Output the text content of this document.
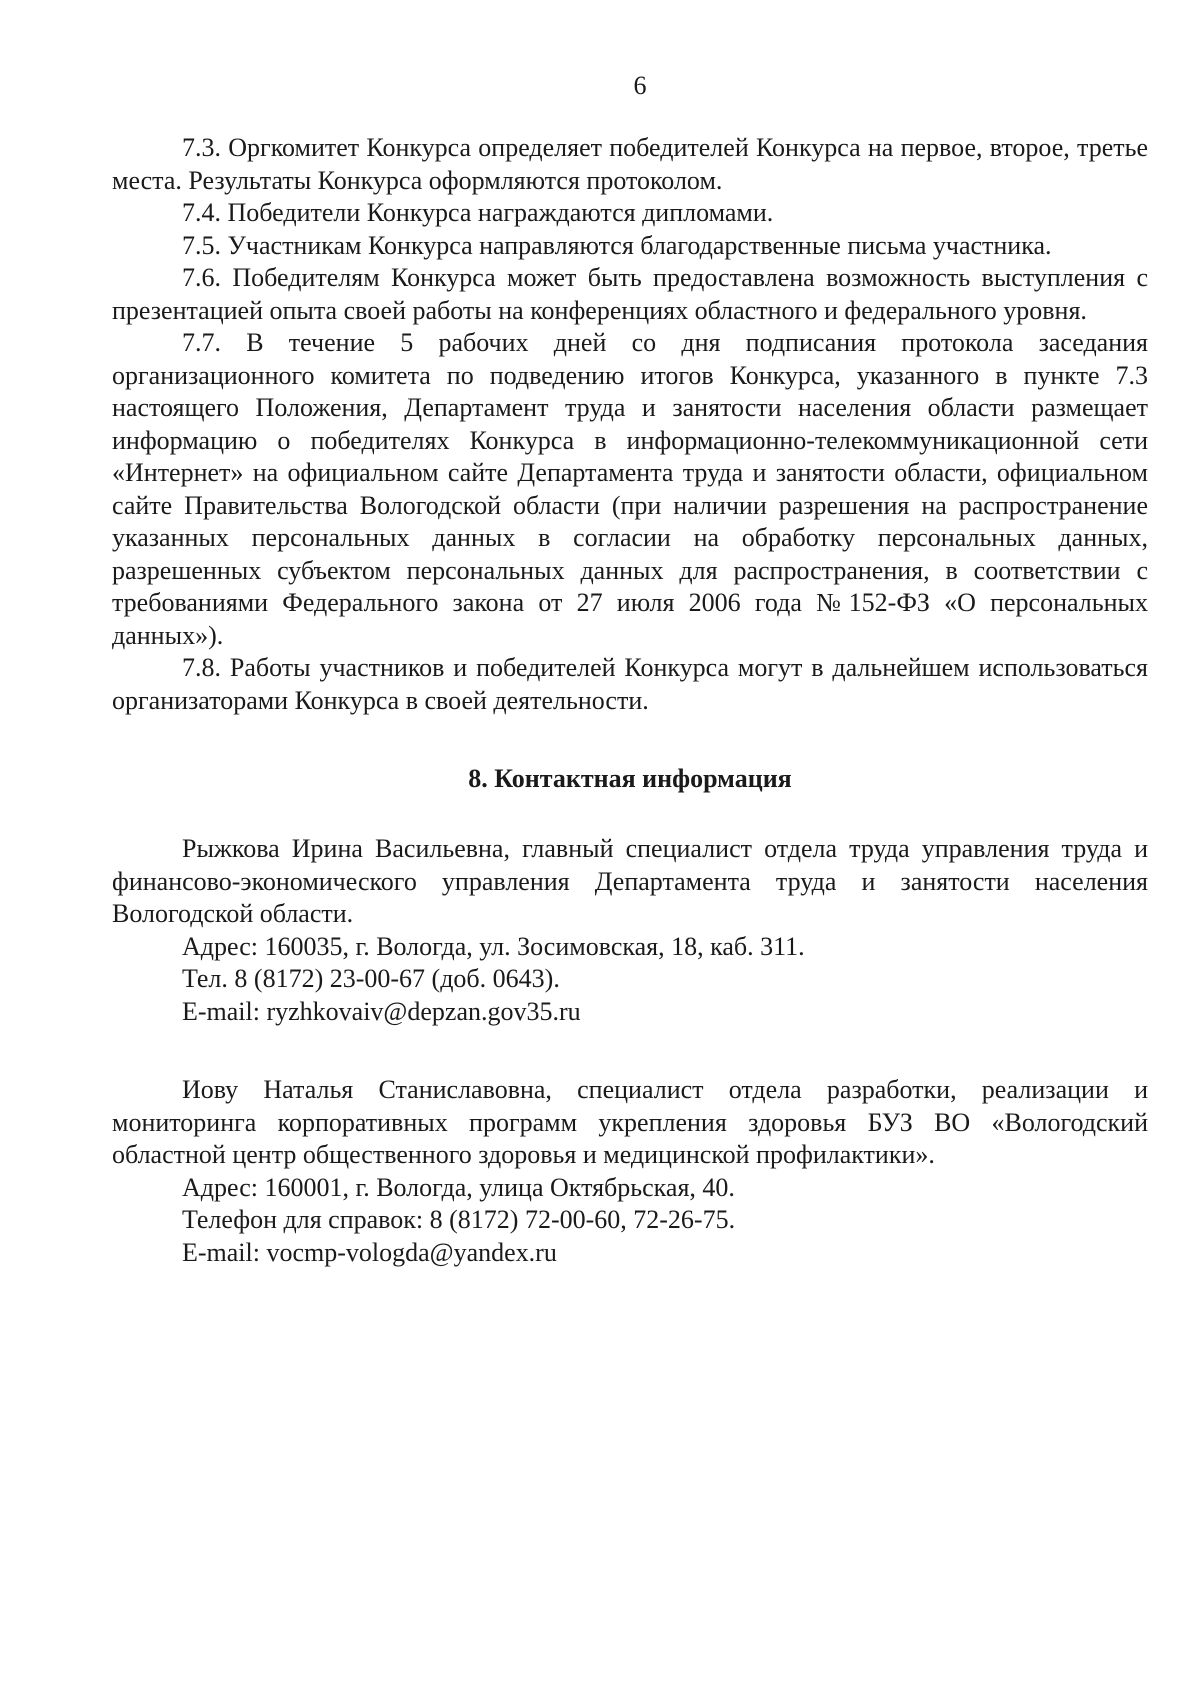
6

7.3. Оргкомитет Конкурса определяет победителей Конкурса на первое, второе, третье места. Результаты Конкурса оформляются протоколом.

7.4. Победители Конкурса награждаются дипломами.

7.5. Участникам Конкурса направляются благодарственные письма участника.

7.6. Победителям Конкурса может быть предоставлена возможность выступления с презентацией опыта своей работы на конференциях областного и федерального уровня.

7.7. В течение 5 рабочих дней со дня подписания протокола заседания организационного комитета по подведению итогов Конкурса, указанного в пункте 7.3 настоящего Положения, Департамент труда и занятости населения области размещает информацию о победителях Конкурса в информационно-телекоммуникационной сети «Интернет» на официальном сайте Департамента труда и занятости области, официальном сайте Правительства Вологодской области (при наличии разрешения на распространение указанных персональных данных в согласии на обработку персональных данных, разрешенных субъектом персональных данных для распространения, в соответствии с требованиями Федерального закона от 27 июля 2006 года №152-ФЗ «О персональных данных»).

7.8. Работы участников и победителей Конкурса могут в дальнейшем использоваться организаторами Конкурса в своей деятельности.

8. Контактная информация

Рыжкова Ирина Васильевна, главный специалист отдела труда управления труда и финансово-экономического управления Департамента труда и занятости населения Вологодской области.

Адрес: 160035, г. Вологда, ул. Зосимовская, 18, каб. 311.

Тел. 8 (8172) 23-00-67 (доб. 0643).

E-mail: ryzhkovaiv@depzan.gov35.ru

Иову Наталья Станиславовна, специалист отдела разработки, реализации и мониторинга корпоративных программ укрепления здоровья БУЗ ВО «Вологодский областной центр общественного здоровья и медицинской профилактики».

Адрес: 160001, г. Вологда, улица Октябрьская, 40.

Телефон для справок: 8 (8172) 72-00-60, 72-26-75.

E-mail: vocmp-vologda@yandex.ru
